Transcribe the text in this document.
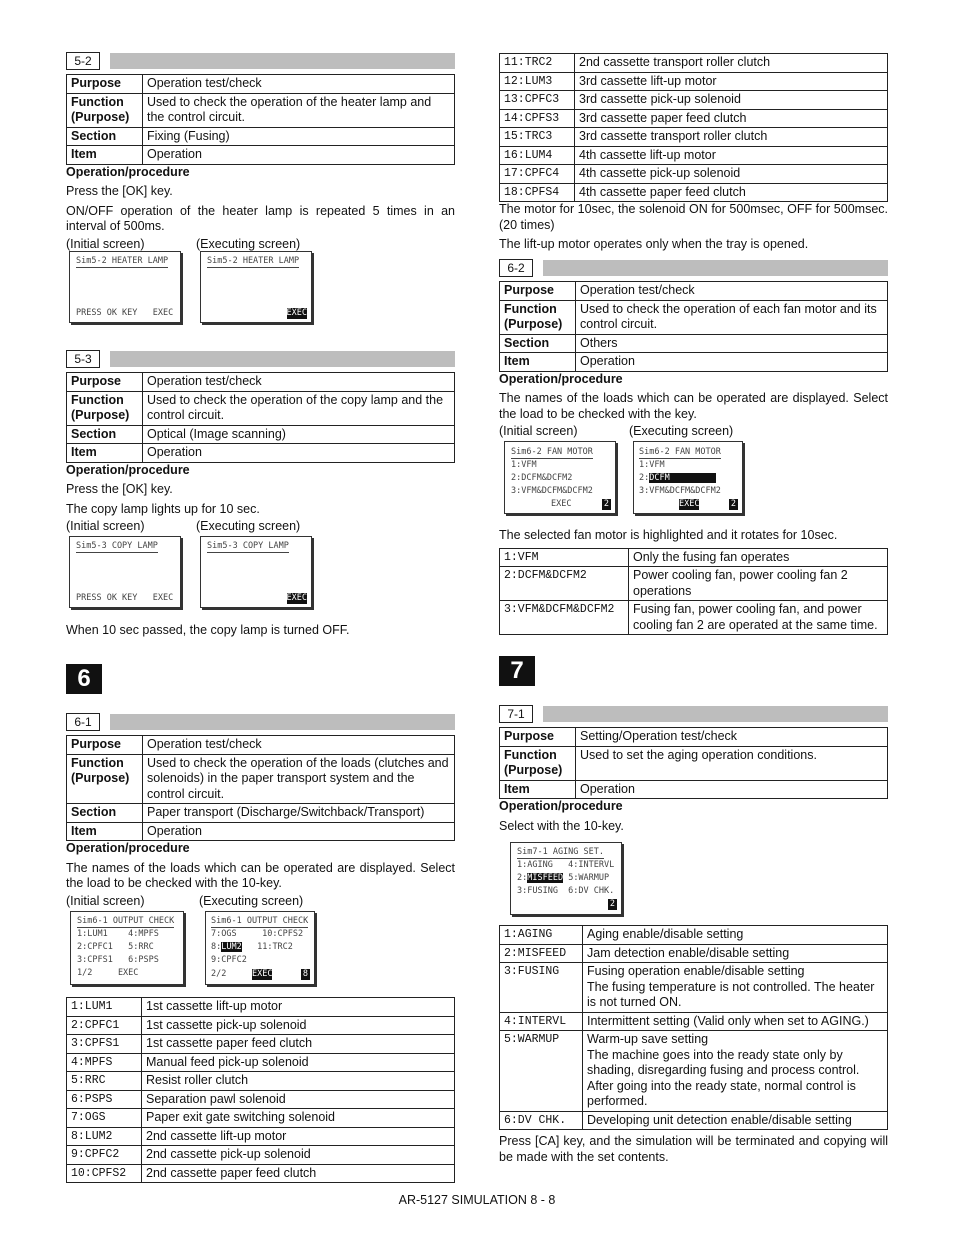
5-2
Purpose	Operation test/check
Function
(Purpose)	Used to check the operation of the heater lamp and the control circuit.
Section	Fixing (Fusing)
Item	Operation
Operation/procedure

Press the [OK] key.

ON/OFF operation of the heater lamp is repeated 5 times in an interval of 500ms.

(Initial screen)	(Executing screen)
Sim5-2 HEATER LAMP
PRESS OK KEY   EXEC
Sim5-2 HEATER LAMP
EXEC
5-3
Purpose	Operation test/check
Function
(Purpose)	Used to check the operation of the copy lamp and the control circuit.
Section	Optical (Image scanning)
Item	Operation
Operation/procedure

Press the [OK] key.

The copy lamp lights up for 10 sec.

(Initial screen)	(Executing screen)
Sim5-3 COPY LAMP
PRESS OK KEY   EXEC
Sim5-3 COPY LAMP
EXEC

When 10 sec passed, the copy lamp is turned OFF.

6
6-1
Purpose	Operation test/check
Function
(Purpose)	Used to check the operation of the loads (clutches and solenoids) in the paper transport system and the control circuit.
Section	Paper transport (Discharge/Switchback/Transport)
Item	Operation
Operation/procedure

The names of the loads which can be operated are displayed. Select the load to be checked with the 10-key.

(Initial screen)	(Executing screen)
Sim6-1 OUTPUT CHECK
1:LUM1    4:MPFS
2:CPFC1   5:RRC
3:CPFS1   6:PSPS
1/2     EXEC
Sim6-1 OUTPUT CHECK
7:OGS     10:CPFS2
8:LUM2   11:TRC2
9:CPFC2
2/2	EXEC	8
1:LUM1	1st cassette lift-up motor
2:CPFC1	1st cassette pick-up solenoid
3:CPFS1	1st cassette paper feed clutch
4:MPFS	Manual feed pick-up solenoid
5:RRC	Resist roller clutch
6:PSPS	Separation pawl solenoid
7:OGS	Paper exit gate switching solenoid
8:LUM2	2nd cassette lift-up motor
9:CPFC2	2nd cassette pick-up solenoid
10:CPFS2	2nd cassette paper feed clutch
11:TRC2	2nd cassette transport roller clutch
12:LUM3	3rd cassette lift-up motor
13:CPFC3	3rd cassette pick-up solenoid
14:CPFS3	3rd cassette paper feed clutch
15:TRC3	3rd cassette transport roller clutch
16:LUM4	4th cassette lift-up motor
17:CPFC4	4th cassette pick-up solenoid
18:CPFS4	4th cassette paper feed clutch

The motor for 10sec, the solenoid ON for 500msec, OFF for 500msec. (20 times)

The lift-up motor operates only when the tray is opened.

6-2
Purpose	Operation test/check
Function
(Purpose)	Used to check the operation of each fan motor and its control circuit.
Section	Others
Item	Operation
Operation/procedure

The names of the loads which can be operated are displayed. Select the load to be checked with the key.

(Initial screen)	(Executing screen)
Sim6-2 FAN MOTOR
1:VFM
2:DCFM&DCFM2
3:VFM&DCFM&DCFM2
EXEC	2
Sim6-2 FAN MOTOR
1:VFM
2:DCFM
3:VFM&DCFM&DCFM2
EXEC	2

The selected fan motor is highlighted and it rotates for 10sec.

1:VFM	Only the fusing fan operates
2:DCFM&DCFM2	Power cooling fan, power cooling fan 2 operations
3:VFM&DCFM&DCFM2	Fusing fan, power cooling fan, and power cooling fan 2 are operated at the same time.
7
7-1
Purpose	Setting/Operation test/check
Function
(Purpose)	Used to set the aging operation conditions.
Item	Operation
Operation/procedure

Select with the 10-key.

Sim7-1 AGING SET.
1:AGING   4:INTERVL
2:MISFEED 5:WARMUP
3:FUSING  6:DV CHK.
2
1:AGING	Aging enable/disable setting
2:MISFEED	Jam detection enable/disable setting
3:FUSING	Fusing operation enable/disable setting
The fusing temperature is not controlled. The heater is not turned ON.
4:INTERVL	Intermittent setting (Valid only when set to AGING.)
5:WARMUP	Warm-up save setting
The machine goes into the ready state only by shading, disregarding fusing and process control. After going into the ready state, normal control is performed.
6:DV CHK.	Developing unit detection enable/disable setting

Press [CA] key, and the simulation will be terminated and copying will be made with the set contents.

AR-5127 SIMULATION 8 - 8
